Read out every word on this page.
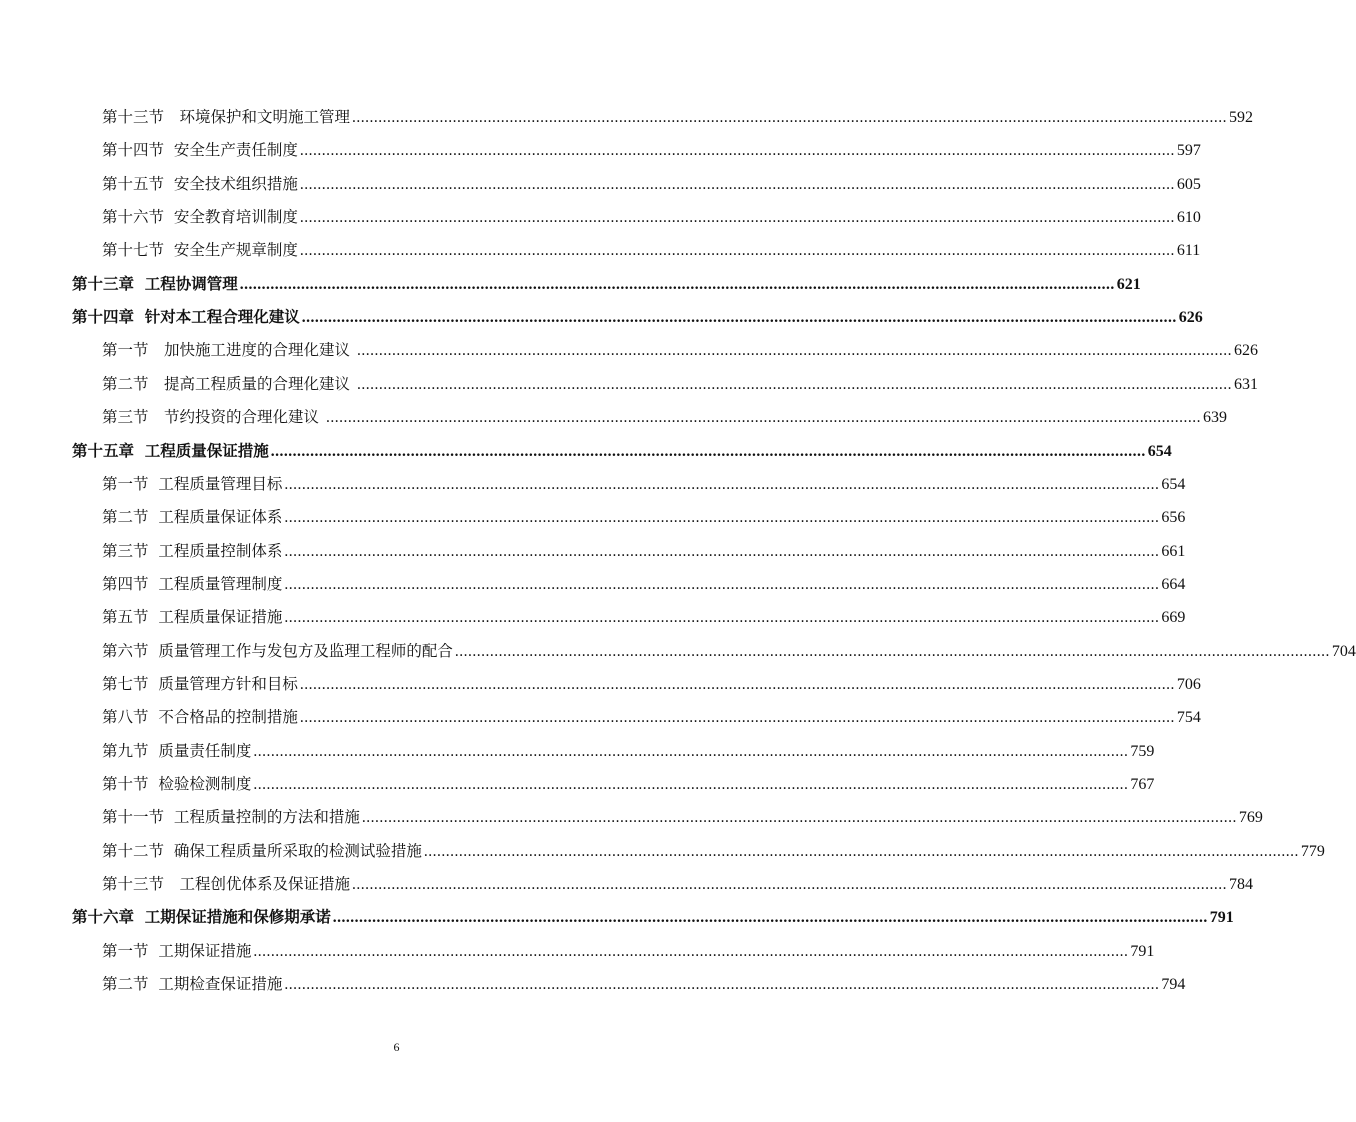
第十三节　环境保护和文明施工管理 ........................................................................................................................................................................................................ 592
第十四节  安全生产责任制度 ........................................................................................................................................................................................................ 597
第十五节  安全技术组织措施 ........................................................................................................................................................................................................ 605
第十六节  安全教育培训制度 ........................................................................................................................................................................................................ 610
第十七节  安全生产规章制度 ........................................................................................................................................................................................................ 611
第十三章  工程协调管理 ........................................................................................................................................................................................................ 621
第十四章  针对本工程合理化建议 ........................................................................................................................................................................................................ 626
第一节　加快施工进度的合理化建议 ........................................................................................................................................................................................................ 626
第二节　提高工程质量的合理化建议 ........................................................................................................................................................................................................ 631
第三节　节约投资的合理化建议 ........................................................................................................................................................................................................ 639
第十五章  工程质量保证措施 ........................................................................................................................................................................................................ 654
第一节  工程质量管理目标 ........................................................................................................................................................................................................ 654
第二节  工程质量保证体系 ........................................................................................................................................................................................................ 656
第三节  工程质量控制体系 ........................................................................................................................................................................................................ 661
第四节  工程质量管理制度 ........................................................................................................................................................................................................ 664
第五节  工程质量保证措施 ........................................................................................................................................................................................................ 669
第六节  质量管理工作与发包方及监理工程师的配合 ........................................................................................................................................................................................................ 704
第七节  质量管理方针和目标 ........................................................................................................................................................................................................ 706
第八节  不合格品的控制措施 ........................................................................................................................................................................................................ 754
第九节  质量责任制度 ........................................................................................................................................................................................................ 759
第十节  检验检测制度 ........................................................................................................................................................................................................ 767
第十一节  工程质量控制的方法和措施 ........................................................................................................................................................................................................ 769
第十二节  确保工程质量所采取的检测试验措施 ........................................................................................................................................................................................................ 779
第十三节　工程创优体系及保证措施 ........................................................................................................................................................................................................ 784
第十六章  工期保证措施和保修期承诺 ........................................................................................................................................................................................................ 791
第一节  工期保证措施 ........................................................................................................................................................................................................ 791
第二节  工期检查保证措施 ........................................................................................................................................................................................................ 794
6
